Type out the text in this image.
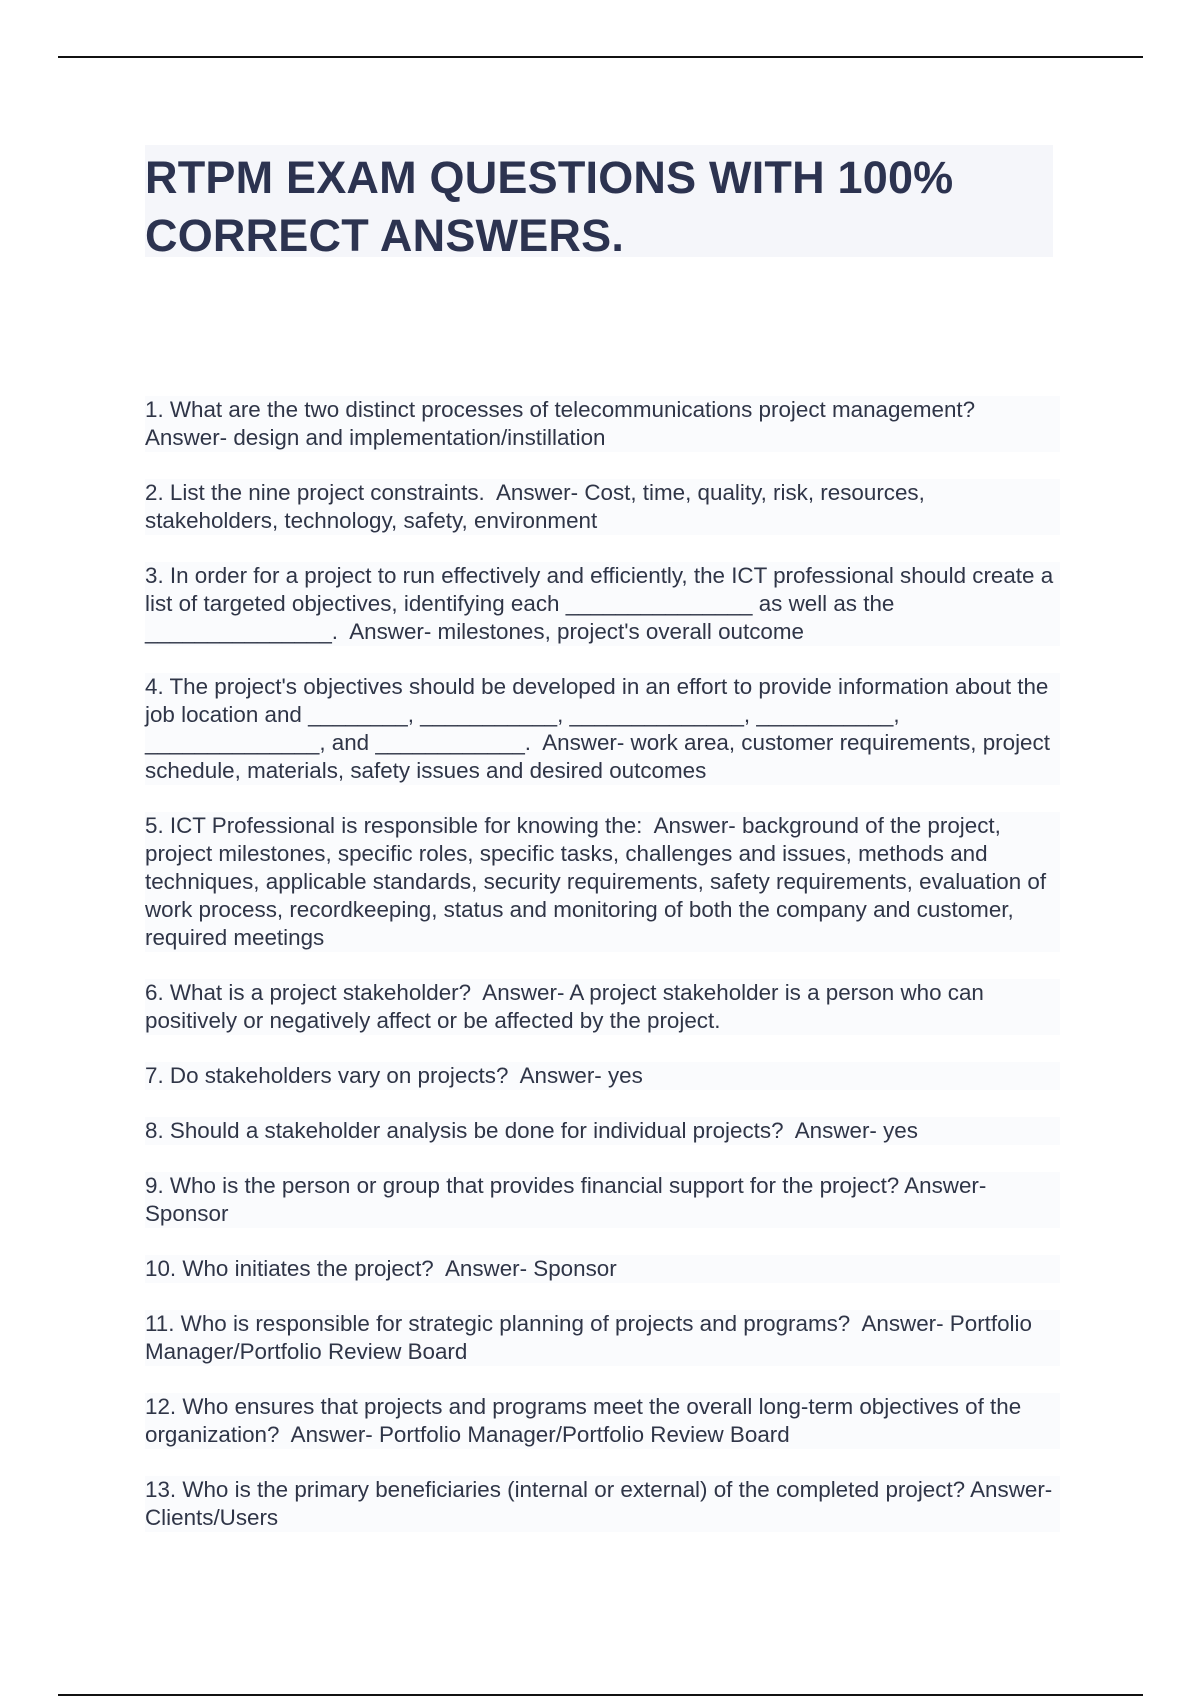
RTPM EXAM QUESTIONS WITH 100% CORRECT ANSWERS.

1. What are the two distinct processes of telecommunications project management? Answer- design and implementation/instillation

2. List the nine project constraints.  Answer- Cost, time, quality, risk, resources, stakeholders, technology, safety, environment

3. In order for a project to run effectively and efficiently, the ICT professional should create a list of targeted objectives, identifying each _______________ as well as the _______________.  Answer- milestones, project's overall outcome

4. The project's objectives should be developed in an effort to provide information about the job location and ________, ___________, ______________, ___________, ______________, and ____________.  Answer- work area, customer requirements, project schedule, materials, safety issues and desired outcomes

5. ICT Professional is responsible for knowing the:  Answer- background of the project, project milestones, specific roles, specific tasks, challenges and issues, methods and techniques, applicable standards, security requirements, safety requirements, evaluation of work process, recordkeeping, status and monitoring of both the company and customer, required meetings

6. What is a project stakeholder?  Answer- A project stakeholder is a person who can positively or negatively affect or be affected by the project.

7. Do stakeholders vary on projects?  Answer- yes

8. Should a stakeholder analysis be done for individual projects?  Answer- yes

9. Who is the person or group that provides financial support for the project? Answer- Sponsor

10. Who initiates the project?  Answer- Sponsor

11. Who is responsible for strategic planning of projects and programs?  Answer- Portfolio Manager/Portfolio Review Board

12. Who ensures that projects and programs meet the overall long-term objectives of the organization?  Answer- Portfolio Manager/Portfolio Review Board

13. Who is the primary beneficiaries (internal or external) of the completed project? Answer- Clients/Users
